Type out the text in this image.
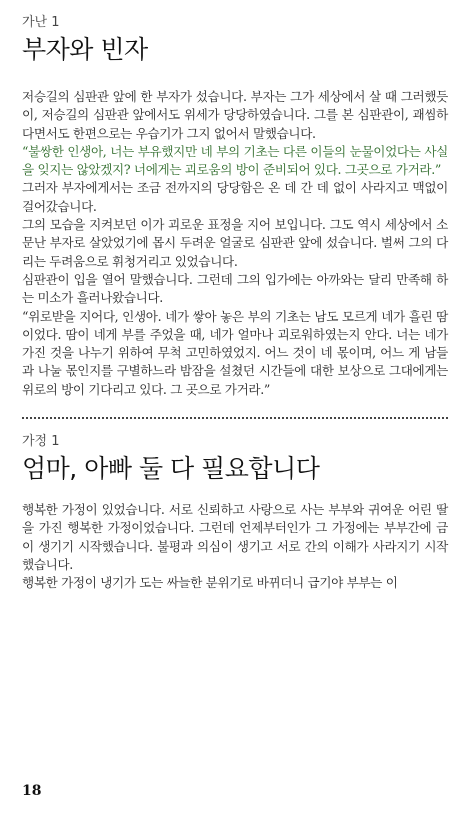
가난 1
부자와 빈자

저승길의 심판관 앞에 한 부자가 섰습니다. 부자는 그가 세상에서 살 때 그러했듯이, 저승길의 심판관 앞에서도 위세가 당당하였습니다. 그를 본 심판관이, 괘씸하다면서도 한편으로는 우습기가 그지 없어서 말했습니다.

“불쌍한 인생아, 너는 부유했지만 네 부의 기초는 다른 이들의 눈물이었다는 사실을 잊지는 않았겠지? 너에게는 괴로움의 방이 준비되어 있다. 그곳으로 가거라.”

그러자 부자에게서는 조금 전까지의 당당함은 온 데 간 데 없이 사라지고 맥없이 걸어갔습니다.

그의 모습을 지켜보던 이가 괴로운 표정을 지어 보입니다. 그도 역시 세상에서 소문난 부자로 살았었기에 몹시 두려운 얼굴로 심판관 앞에 섰습니다. 벌써 그의 다리는 두려움으로 휘청거리고 있었습니다.

심판관이 입을 열어 말했습니다. 그런데 그의 입가에는 아까와는 달리 만족해 하는 미소가 흘러나왔습니다.

“위로받을 지어다, 인생아. 네가 쌓아 놓은 부의 기초는 남도 모르게 네가 흘린 땀이었다. 땀이 네게 부를 주었을 때, 네가 얼마나 괴로워하였는지 안다. 너는 네가 가진 것을 나누기 위하여 무척 고민하였었지. 어느 것이 네 몫이며, 어느 게 남들과 나눌 몫인지를 구별하느라 밤잠을 설쳤던 시간들에 대한 보상으로 그대에게는 위로의 방이 기다리고 있다. 그 곳으로 가거라.”

가정 1
엄마, 아빠 둘 다 필요합니다

행복한 가정이 있었습니다. 서로 신뢰하고 사랑으로 사는 부부와 귀여운 어린 딸을 가진 행복한 가정이었습니다. 그런데 언제부터인가 그 가정에는 부부간에 금이 생기기 시작했습니다. 불평과 의심이 생기고 서로 간의 이해가 사라지기 시작했습니다.

행복한 가정이 냉기가 도는 싸늘한 분위기로 바뀌더니 급기야 부부는 이

18
